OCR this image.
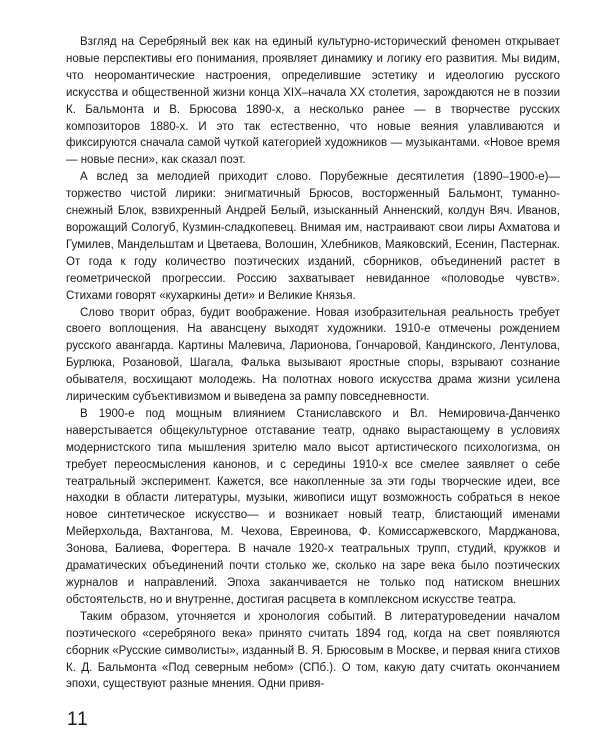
Взгляд на Серебряный век как на единый культурно-исторический феномен открывает новые перспективы его понимания, проявляет динамику и логику его развития. Мы видим, что неоромантические настроения, определившие эстетику и идеологию русского искусства и общественной жизни конца XIX–начала XX столетия, зарождаются не в поэзии К. Бальмонта и В. Брюсова 1890-х, а несколько ранее — в творчестве русских композиторов 1880-х. И это так естественно, что новые веяния улавливаются и фиксируются сначала самой чуткой категорией художников — музыкантами. «Новое время — новые песни», как сказал поэт.

А вслед за мелодией приходит слово. Порубежные десятилетия (1890–1900-е)— торжество чистой лирики: энигматичный Брюсов, восторженный Бальмонт, туманно-снежный Блок, взвихренный Андрей Белый, изысканный Анненский, колдун Вяч. Иванов, ворожащий Сологуб, Кузмин-сладкопевец. Внимая им, настраивают свои лиры Ахматова и Гумилев, Мандельштам и Цветаева, Волошин, Хлебников, Маяковский, Есенин, Пастернак. От года к году количество поэтических изданий, сборников, объединений растет в геометрической прогрессии. Россию захватывает невиданное «половодье чувств». Стихами говорят «кухаркины дети» и Великие Князья.

Слово творит образ, будит воображение. Новая изобразительная реальность требует своего воплощения. На авансцену выходят художники. 1910-е отмечены рождением русского авангарда. Картины Малевича, Ларионова, Гончаровой, Кандинского, Лентулова, Бурлюка, Розановой, Шагала, Фалька вызывают яростные споры, взрывают сознание обывателя, восхищают молодежь. На полотнах нового искусства драма жизни усилена лирическим субъективизмом и выведена за рампу повседневности.

В 1900-е под мощным влиянием Станиславского и Вл. Немировича-Данченко наверстывается общекультурное отставание театр, однако вырастающему в условиях модернистского типа мышления зрителю мало высот артистического психологизма, он требует переосмысления канонов, и с середины 1910-х все смелее заявляет о себе театральный эксперимент. Кажется, все накопленные за эти годы творческие идеи, все находки в области литературы, музыки, живописи ищут возможность собраться в некое новое синтетическое искусство— и возникает новый театр, блистающий именами Мейерхольда, Вахтангова, М. Чехова, Евреинова, Ф. Комиссаржевского, Марджанова, Зонова, Балиева, Форегтера. В начале 1920-х театральных трупп, студий, кружков и драматических объединений почти столько же, сколько на заре века было поэтических журналов и направлений. Эпоха заканчивается не только под натиском внешних обстоятельств, но и внутренне, достигая расцвета в комплексном искусстве театра.

Таким образом, уточняется и хронология событий. В литературоведении началом поэтического «серебряного века» принято считать 1894 год, когда на свет появляются сборник «Русские символисты», изданный В. Я. Брюсовым в Москве, и первая книга стихов К. Д. Бальмонта «Под северным небом» (СПб.). О том, какую дату считать окончанием эпохи, существуют разные мнения. Одни привя-

11
